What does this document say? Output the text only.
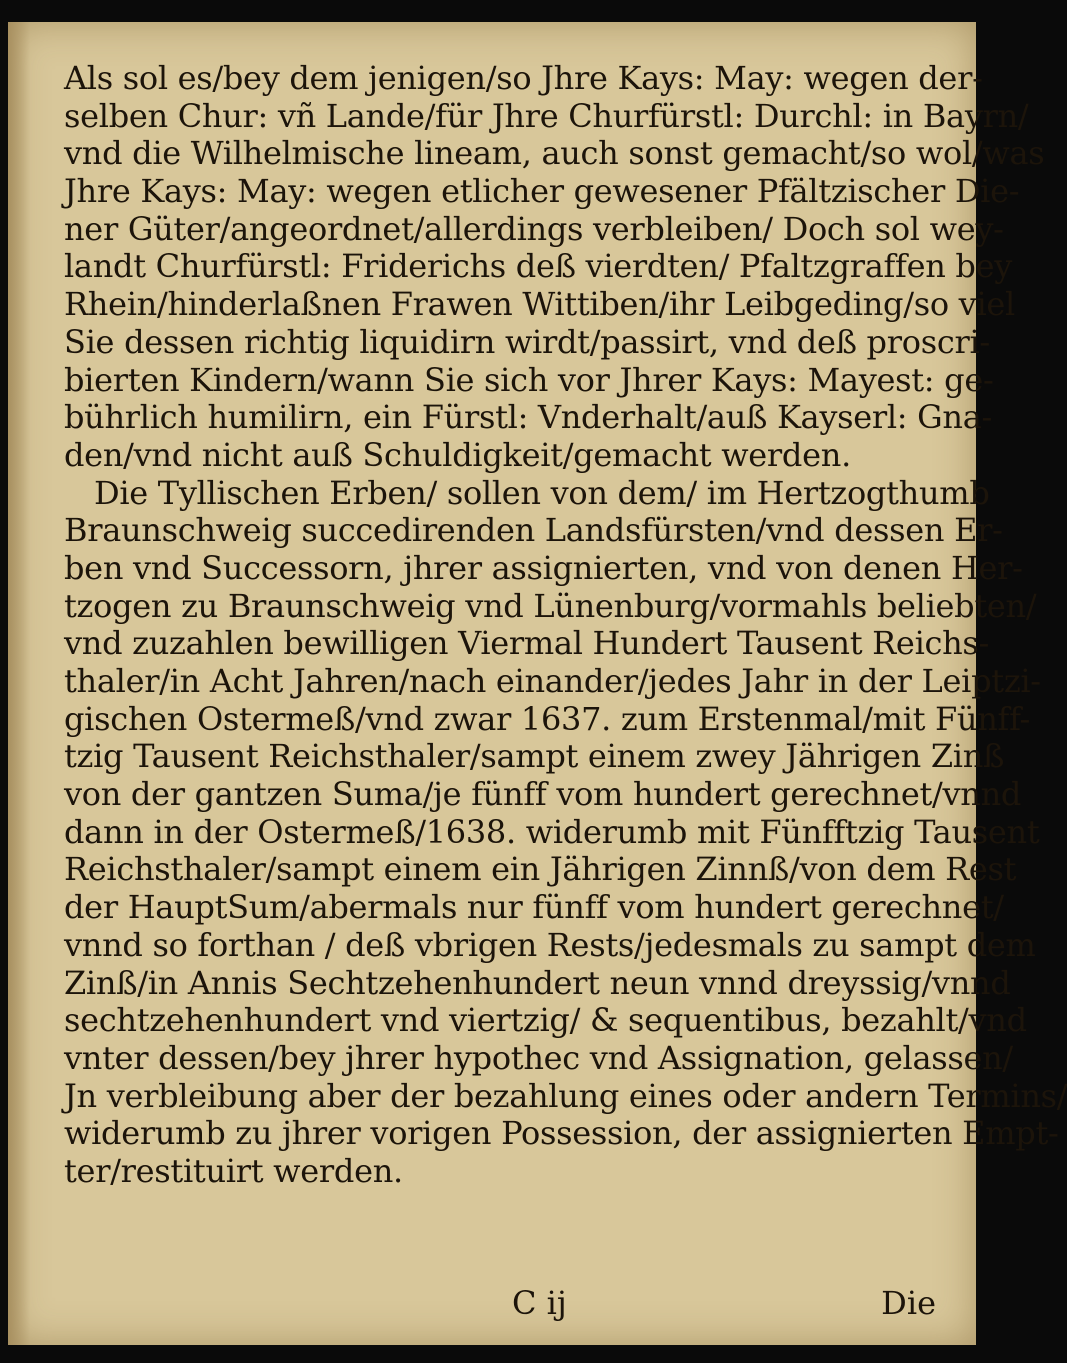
Als sol es/bey dem jenigen/so Jhre Kays: May: wegen der-
selben Chur: vñ Lande/für Jhre Churfürstl: Durchl: in Bayrn/
vnd die Wilhelmische lineam, auch sonst gemacht/so wol/was
Jhre Kays: May: wegen etlicher gewesener Pfältzischer Die-
ner Güter/angeordnet/allerdings verbleiben/ Doch sol wey-
landt Churfürstl: Friderichs deß vierdten/ Pfaltzgraffen bey
Rhein/hinderlaßnen Frawen Wittiben/ihr Leibgeding/so viel
Sie dessen richtig liquidirn wirdt/passirt, vnd deß proscri-
bierten Kindern/wann Sie sich vor Jhrer Kays: Mayest: ge-
bührlich humilirn, ein Fürstl: Vnderhalt/auß Kayserl: Gna-
den/vnd nicht auß Schuldigkeit/gemacht werden.
Die Tyllischen Erben/ sollen von dem/ im Hertzogthumb
Braunschweig succedirenden Landsfürsten/vnd dessen Er-
ben vnd Successorn, jhrer assignierten, vnd von denen Her-
tzogen zu Braunschweig vnd Lünenburg/vormahls beliebten/
vnd zuzahlen bewilligen Viermal Hundert Tausent Reichs-
thaler/in Acht Jahren/nach einander/jedes Jahr in der Leiptzi-
gischen Ostermeß/vnd zwar 1637. zum Erstenmal/mit Fünff-
tzig Tausent Reichsthaler/sampt einem zwey Jährigen Zinß
von der gantzen Suma/je fünff vom hundert gerechnet/vnnd
dann in der Ostermeß/1638. widerumb mit Fünfftzig Tausent
Reichsthaler/sampt einem ein Jährigen Zinnß/von dem Rest
der HauptSum/abermals nur fünff vom hundert gerechnet/
vnnd so forthan / deß vbrigen Rests/jedesmals zu sampt dem
Zinß/in Annis Sechtzehenhundert neun vnnd dreyssig/vnnd
sechtzehenhundert vnd viertzig/ & sequentibus, bezahlt/vnd
vnter dessen/bey jhrer hypothec vnd Assignation, gelassen/
Jn verbleibung aber der bezahlung eines oder andern Termins/
widerumb zu jhrer vorigen Possession, der assignierten Empt-
ter/restituirt werden.
C ij	Die
